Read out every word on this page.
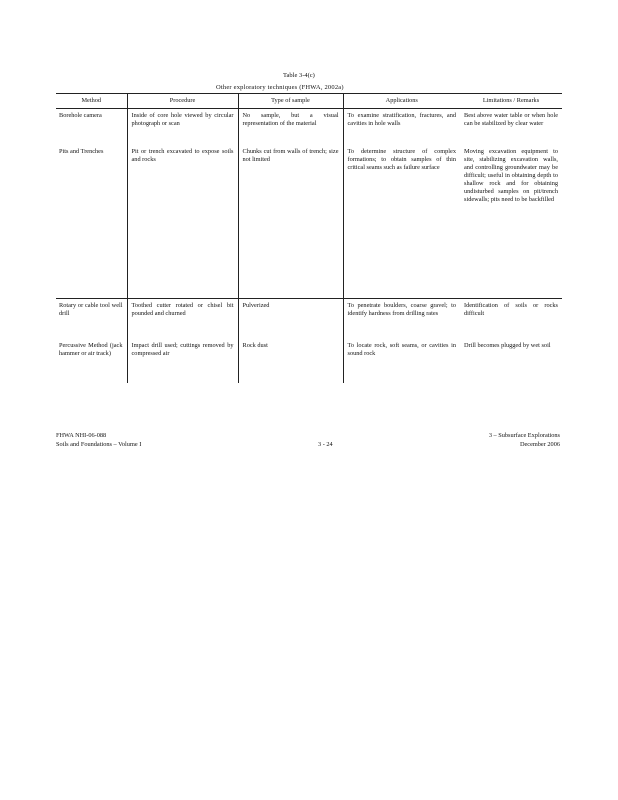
Table 3-4(c)
Other exploratory techniques (FHWA, 2002a)
Method	Procedure	Type of sample	Applications	Limitations / Remarks
Borehole camera	Inside of core hole viewed by circular photograph or scan	No sample, but a visual representation of the material	To examine stratification, fractures, and cavities in hole walls	Best above water table or when hole can be stabilized by clear water
Pits and Trenches	Pit or trench excavated to expose soils and rocks	Chunks cut from walls of trench; size not limited	To determine structure of complex formations; to obtain samples of thin critical seams such as failure surface	Moving excavation equipment to site, stabilizing excavation walls, and controlling groundwater may be difficult; useful in obtaining depth to shallow rock and for obtaining undisturbed samples on pit/trench sidewalls; pits need to be backfilled
Rotary or cable tool well drill	Toothed cutter rotated or chisel bit pounded and churned	Pulverized	To penetrate boulders, coarse gravel; to identify hardness from drilling rates	Identification of soils or rocks difficult
Percussive Method (jack hammer or air track)	Impact drill used; cuttings removed by compressed air	Rock dust	To locate rock, soft seams, or cavities in sound rock	Drill becomes plugged by wet soil
FHWA NHI-06-088
Soils and Foundations – Volume I	3 - 24
3 – Subsurface Explorations
December 2006
